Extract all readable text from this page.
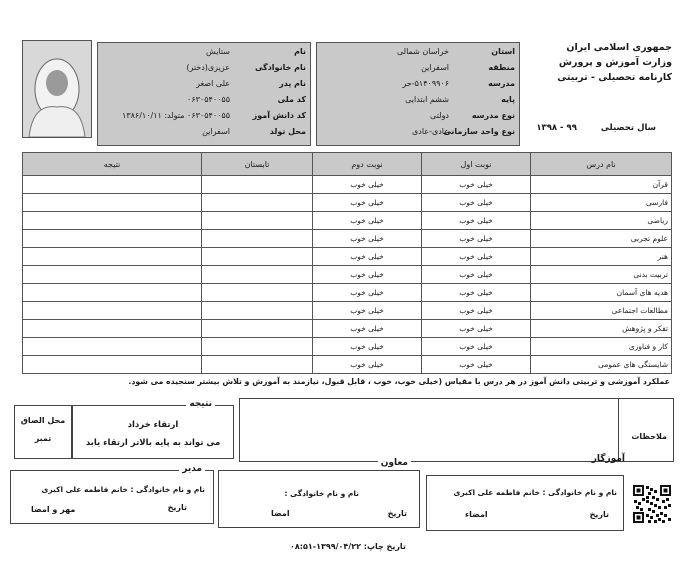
جمهوری اسلامی ایران
وزارت آموزش و پرورش
کارنامه تحصیلی - تربیتی
سال تحصیلی  ۹۹ - ۱۳۹۸
استان
خراسان شمالی
منطقه
اسفراین
مدرسه
۵۱۴۰۹۹۰۶-حر
پایه
ششم ابتدایی
نوع مدرسه
دولتی
نوع واحد سازمانی
عادی-عادی
نام
ستایش
نام خانوادگی
عزیزی(دختر)
نام پدر
علی اصغر
کد ملی
۰۶۳۰۵۴۰۰۵۵
کد دانش آموز
۰۶۳۰۵۴۰۰۵۵ متولد: ۱۳۸۶/۱۰/۱۱
محل تولد
اسفراین
نام درس	نوبت اول	نوبت دوم	تابستان	نتیجه
قرآن	خیلی خوب	خیلی خوب		
فارسی	خیلی خوب	خیلی خوب		
ریاضی	خیلی خوب	خیلی خوب		
علوم تجربی	خیلی خوب	خیلی خوب		
هنر	خیلی خوب	خیلی خوب		
تربیت بدنی	خیلی خوب	خیلی خوب		
هدیه های آسمان	خیلی خوب	خیلی خوب		
مطالعات اجتماعی	خیلی خوب	خیلی خوب		
تفکر و پژوهش	خیلی خوب	خیلی خوب		
کار و فناوری	خیلی خوب	خیلی خوب		
شایستگی های عمومی	خیلی خوب	خیلی خوب		
عملکرد آموزشی و تربیتی دانش آموز در هر درس با مقیاس (خیلی خوب، خوب ، قابل قبول، نیازمند به آموزش و تلاش بیشتر سنجیده می شود.
ملاحظات
نتیجه
ارتقاء خرداد
می تواند به پایه بالاتر ارتقاء یابد
محل الصاق
تمبر
آموزگار
نام و نام خانوادگی : خانم فاطمه علی اکبری
تاریخ
امضاء
معاون
نام و نام خانوادگی :
تاریخ
امضا
مدیر
نام و نام خانوادگی : خانم فاطمه علی اکبری
تاریخ
مهر و امضا
تاریخ چاپ: ۱۳۹۹/۰۴/۲۲-۰۸:۵۱
